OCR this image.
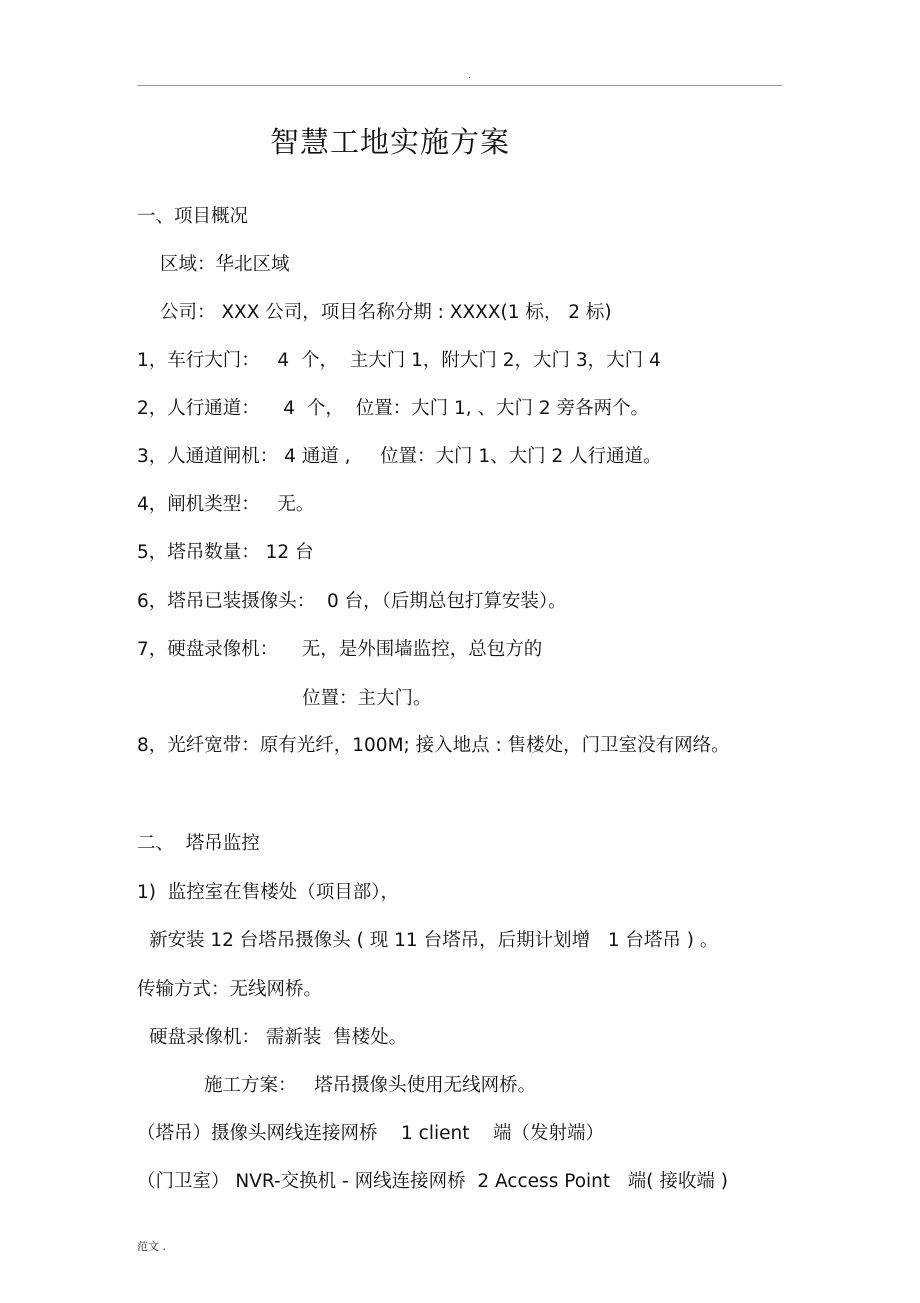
.
智慧工地实施方案
一、项目概况
区域：华北区域
公司： XXX 公司，项目名称分期 : XXXX(1 标， 2 标)
1，车行大门：   4  个，  主大门 1，附大门 2，大门 3，大门 4
2，人行通道：    4  个，  位置：大门 1, 、大门 2 旁各两个。
3，人通道闸机： 4 通道 ,     位置：大门 1、大门 2 人行通道。
4，闸机类型：   无。
5，塔吊数量： 12 台
6，塔吊已装摄像头：  0 台，（后期总包打算安装）。
7，硬盘录像机：    无，是外围墙监控，总包方的
位置：主大门。
8，光纤宽带：原有光纤，100M; 接入地点 : 售楼处，门卫室没有网络。
二、  塔吊监控
1)  监控室在售楼处（项目部），
新安装 12 台塔吊摄像头 ( 现 11 台塔吊，后期计划增   1 台塔吊 ) 。
传输方式：无线网桥。
硬盘录像机： 需新装  售楼处。
施工方案：   塔吊摄像头使用无线网桥。
（塔吊）摄像头网线连接网桥    1 client    端（发射端）
（门卫室） NVR-交换机 - 网线连接网桥  2 Access Point   端( 接收端 )
范文 .
